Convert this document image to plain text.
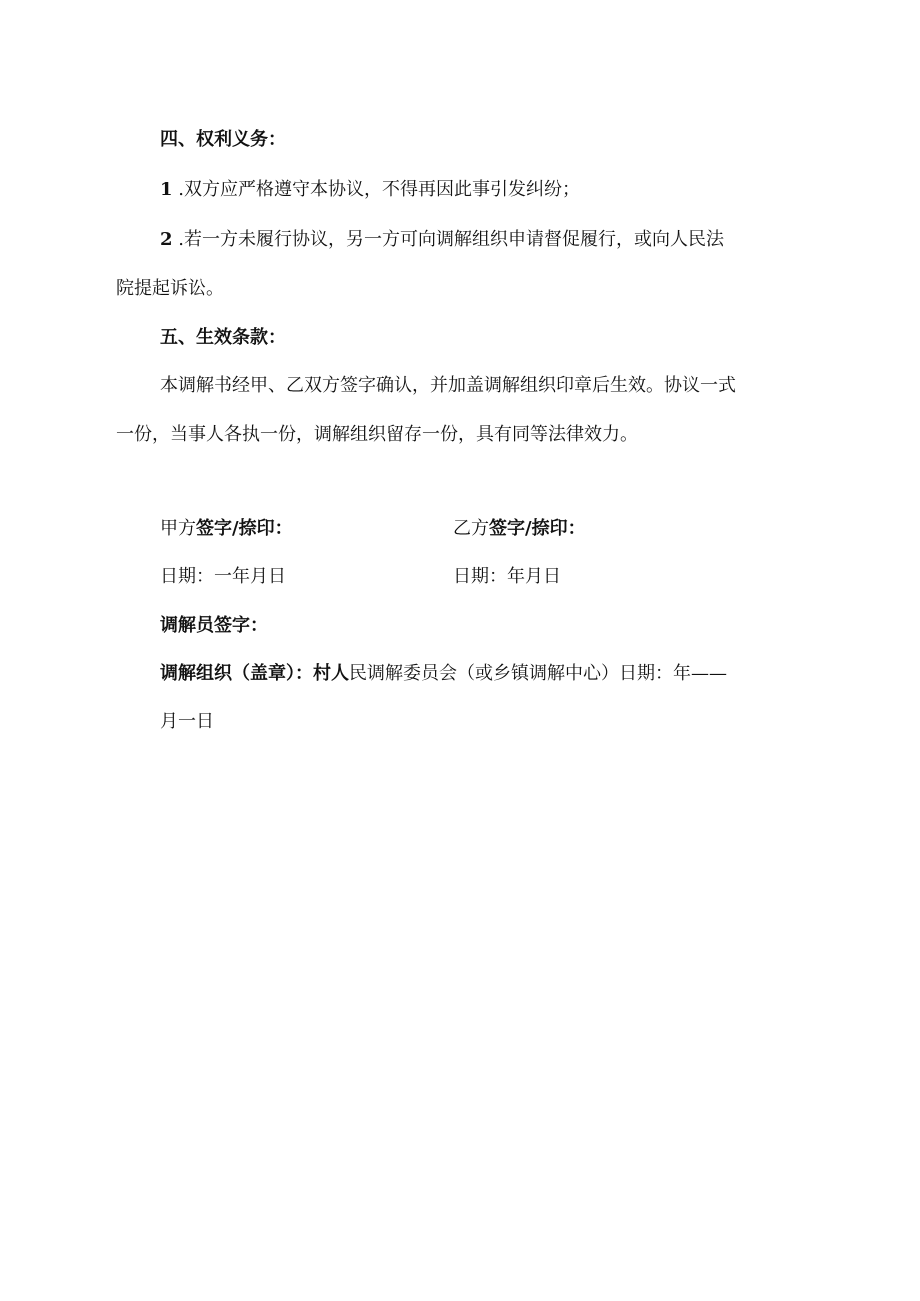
四、权利义务：
1 .双方应严格遵守本协议，不得再因此事引发纠纷；
2 .若一方未履行协议，另一方可向调解组织申请督促履行，或向人民法
院提起诉讼。
五、生效条款：
本调解书经甲、乙双方签字确认，并加盖调解组织印章后生效。协议一式
一份，当事人各执一份，调解组织留存一份，具有同等法律效力。
甲方签字/捺印：	乙方签字/捺印：
日期：一年月日	日期：年月日
调解员签字：
调解组织（盖章）：村人民调解委员会（或乡镇调解中心）日期：年——
月一日
